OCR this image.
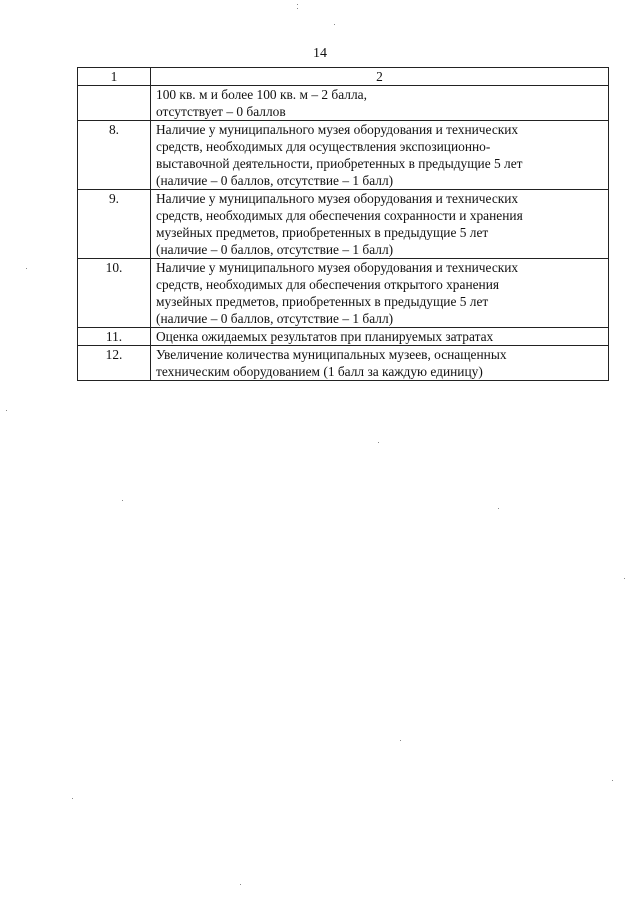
14
1	2

	100 кв. м и более 100 кв. м – 2 балла,
отсутствует – 0 баллов

8.	Наличие у муниципального музея оборудования и технических
средств, необходимых для осуществления экспозиционно-
выставочной деятельности, приобретенных в предыдущие 5 лет
(наличие – 0 баллов, отсутствие – 1 балл)

9.	Наличие у муниципального музея оборудования и технических
средств, необходимых для обеспечения сохранности и хранения
музейных предметов, приобретенных в предыдущие 5 лет
(наличие – 0 баллов, отсутствие – 1 балл)

10.	Наличие у муниципального музея оборудования и технических
средств, необходимых для обеспечения открытого хранения
музейных предметов, приобретенных в предыдущие 5 лет
(наличие – 0 баллов, отсутствие – 1 балл)

11.	Оценка ожидаемых результатов при планируемых затратах

12.	Увеличение количества муниципальных музеев, оснащенных
техническим оборудованием (1 балл за каждую единицу)
